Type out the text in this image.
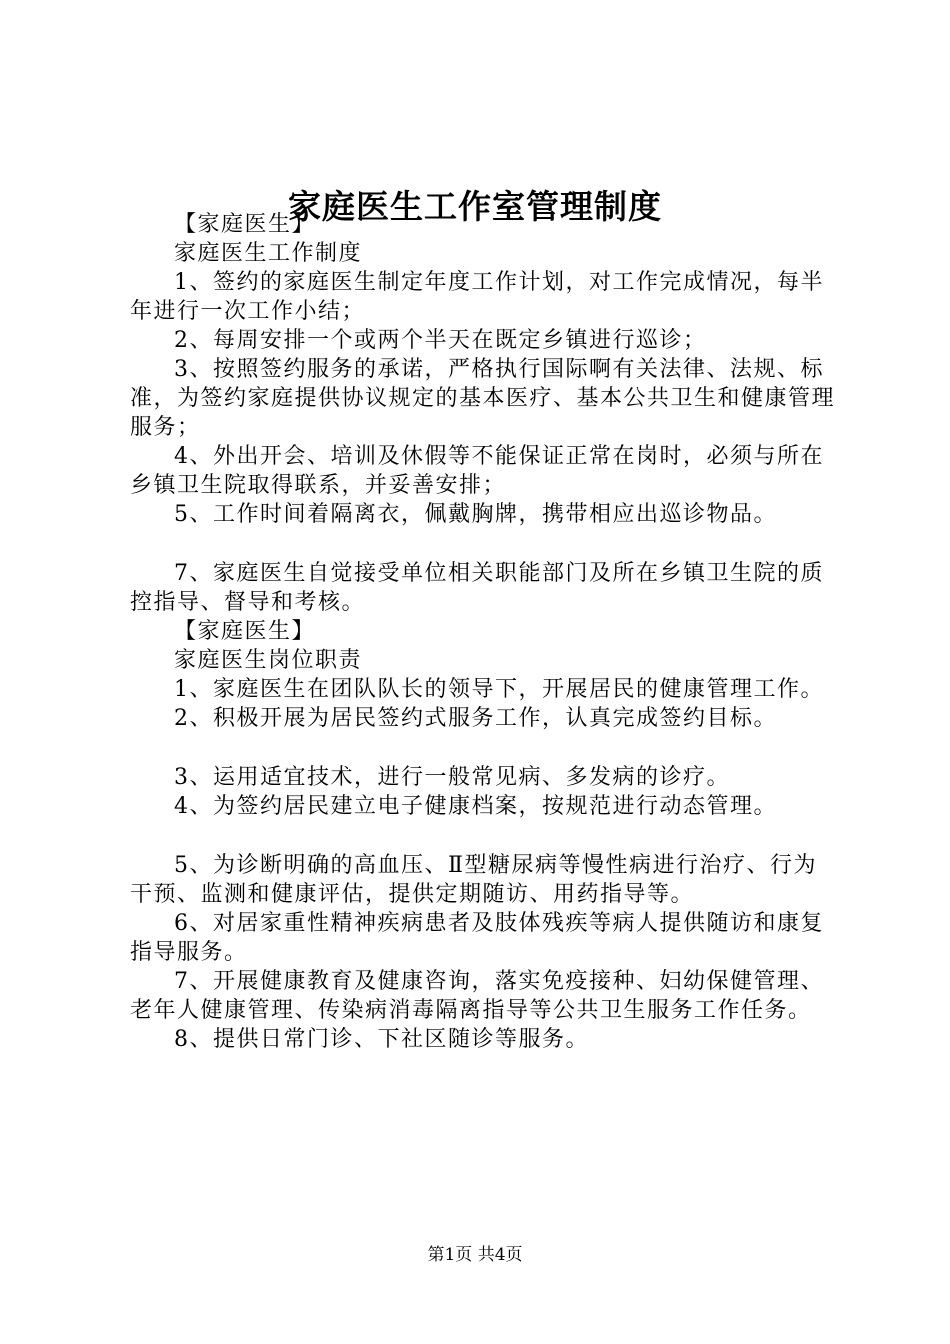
家庭医生工作室管理制度

【家庭医生】

家庭医生工作制度

1、签约的家庭医生制定年度工作计划，对工作完成情况，每半年进行一次工作小结；

2、每周安排一个或两个半天在既定乡镇进行巡诊；

3、按照签约服务的承诺，严格执行国际啊有关法律、法规、标准，为签约家庭提供协议规定的基本医疗、基本公共卫生和健康管理服务；

4、外出开会、培训及休假等不能保证正常在岗时，必须与所在乡镇卫生院取得联系，并妥善安排；

5、工作时间着隔离衣，佩戴胸牌，携带相应出巡诊物品。

7、家庭医生自觉接受单位相关职能部门及所在乡镇卫生院的质控指导、督导和考核。

【家庭医生】

家庭医生岗位职责

1、家庭医生在团队队长的领导下，开展居民的健康管理工作。

2、积极开展为居民签约式服务工作，认真完成签约目标。

3、运用适宜技术，进行一般常见病、多发病的诊疗。

4、为签约居民建立电子健康档案，按规范进行动态管理。

5、为诊断明确的高血压、Ⅱ型糖尿病等慢性病进行治疗、行为干预、监测和健康评估，提供定期随访、用药指导等。

6、对居家重性精神疾病患者及肢体残疾等病人提供随访和康复指导服务。

7、开展健康教育及健康咨询，落实免疫接种、妇幼保健管理、老年人健康管理、传染病消毒隔离指导等公共卫生服务工作任务。

8、提供日常门诊、下社区随诊等服务。

第1页 共4页
